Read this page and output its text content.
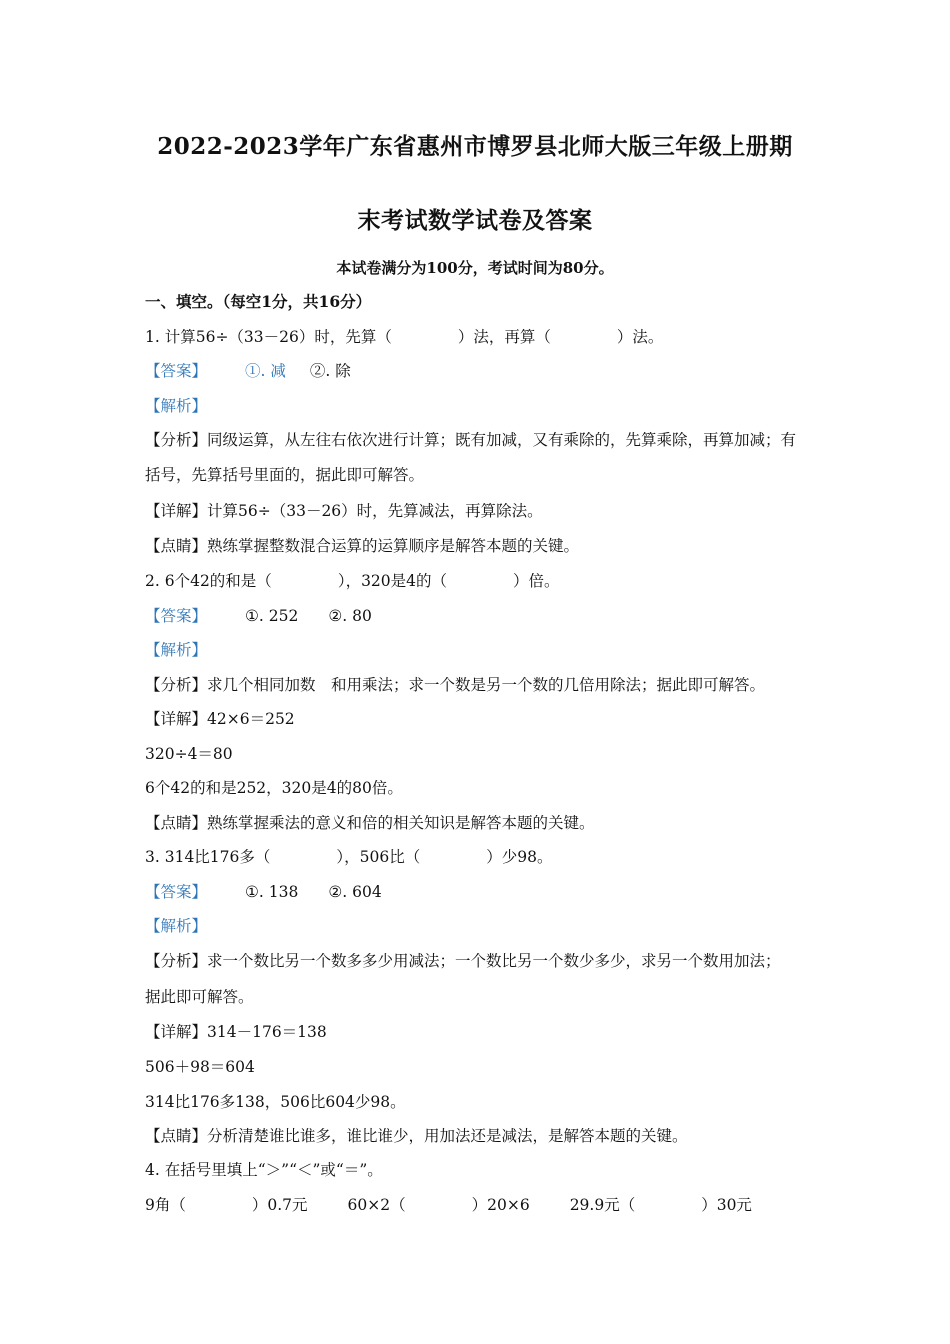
2022-2023学年广东省惠州市博罗县北师大版三年级上册期
末考试数学试卷及答案
本试卷满分为100分，考试时间为80分。
一、填空。（每空1分，共16分）
1. 计算56÷（33－26）时，先算（	）法，再算（	）法。
【答案】 ①. 减 ②. 除
【解析】
【分析】同级运算，从左往右依次进行计算；既有加减，又有乘除的，先算乘除，再算加减；有
括号，先算括号里面的，据此即可解答。
【详解】计算56÷（33－26）时，先算减法，再算除法。
【点睛】熟练掌握整数混合运算的运算顺序是解答本题的关键。
2. 6个42的和是（	），320是4的（	）倍。
【答案】 ①. 252 ②. 80
【解析】
【分析】求几个相同加数　和用乘法；求一个数是另一个数的几倍用除法；据此即可解答。
【详解】42×6＝252
320÷4＝80
6个42的和是252，320是4的80倍。
【点睛】熟练掌握乘法的意义和倍的相关知识是解答本题的关键。
3. 314比176多（	），506比（	）少98。
【答案】 ①. 138 ②. 604
【解析】
【分析】求一个数比另一个数多多少用减法；一个数比另一个数少多少，求另一个数用加法；
据此即可解答。
【详解】314－176＝138
506＋98＝604
314比176多138，506比604少98。
【点睛】分析清楚谁比谁多，谁比谁少，用加法还是减法，是解答本题的关键。
4. 在括号里填上“＞”“＜”或“＝”。
9角（	）0.7元	60×2（	）20×6	29.9元（	）30元
